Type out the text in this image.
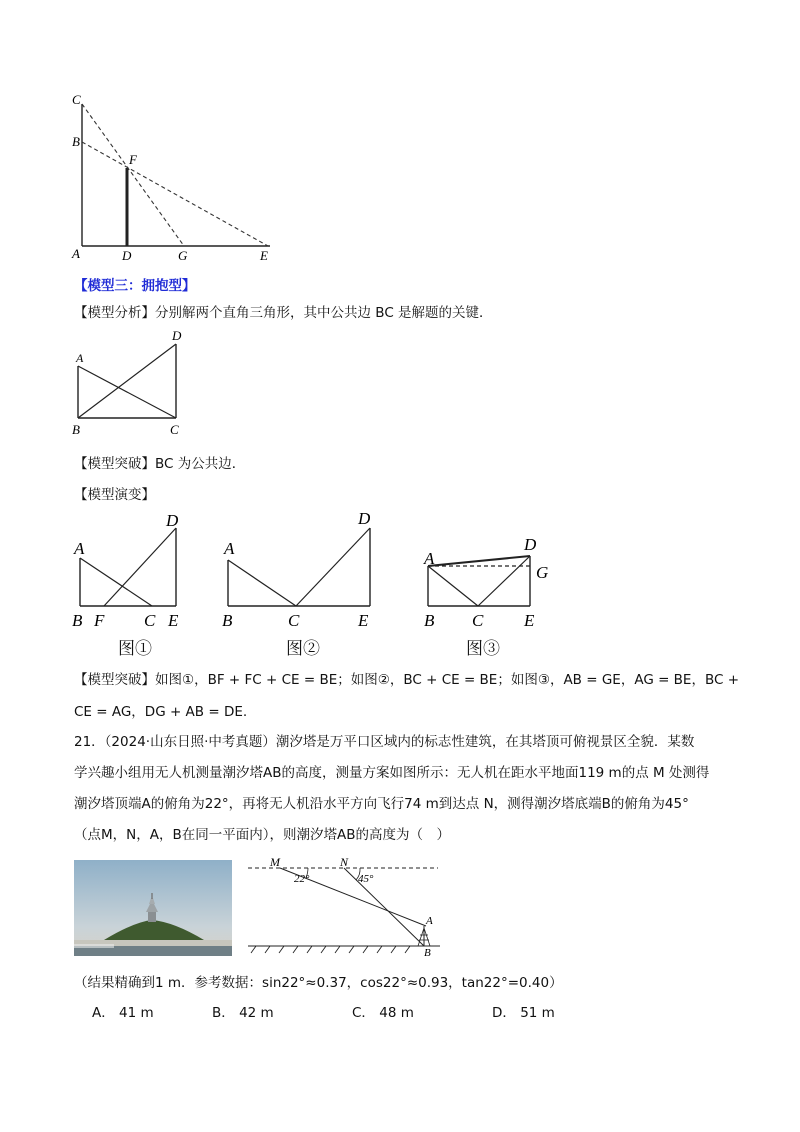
C
B
F
A	D	G	E
【模型三：拥抱型】
【模型分析】分别解两个直角三角形，其中公共边 BC 是解题的关键．
A
D
B	C
【模型突破】BC 为公共边．
【模型演变】
A
D
B F C E
图①
A
D
B	C	E
图②
A
D
G
B C E
图③
【模型突破】如图①，BF + FC + CE = BE；如图②，BC + CE = BE；如图③，AB = GE，AG = BE，BC +
CE = AG，DG + AB = DE.
21．（2024·山东日照·中考真题）潮汐塔是万平口区域内的标志性建筑，在其塔顶可俯视景区全貌．某数
学兴趣小组用无人机测量潮汐塔AB的高度，测量方案如图所示：无人机在距水平地面119 m的点 M 处测得
潮汐塔顶端A的俯角为22°，再将无人机沿水平方向飞行74 m到达点 N，测得潮汐塔底端B的俯角为45°
（点M，N，A，B在同一平面内），则潮汐塔AB的高度为（　）
M	N
22°	45°
A
B
（结果精确到1 m．参考数据：sin22°≈0.37，cos22°≈0.93，tan22°=0.40）
A． 41 m	B． 42 m	C． 48 m	D． 51 m
